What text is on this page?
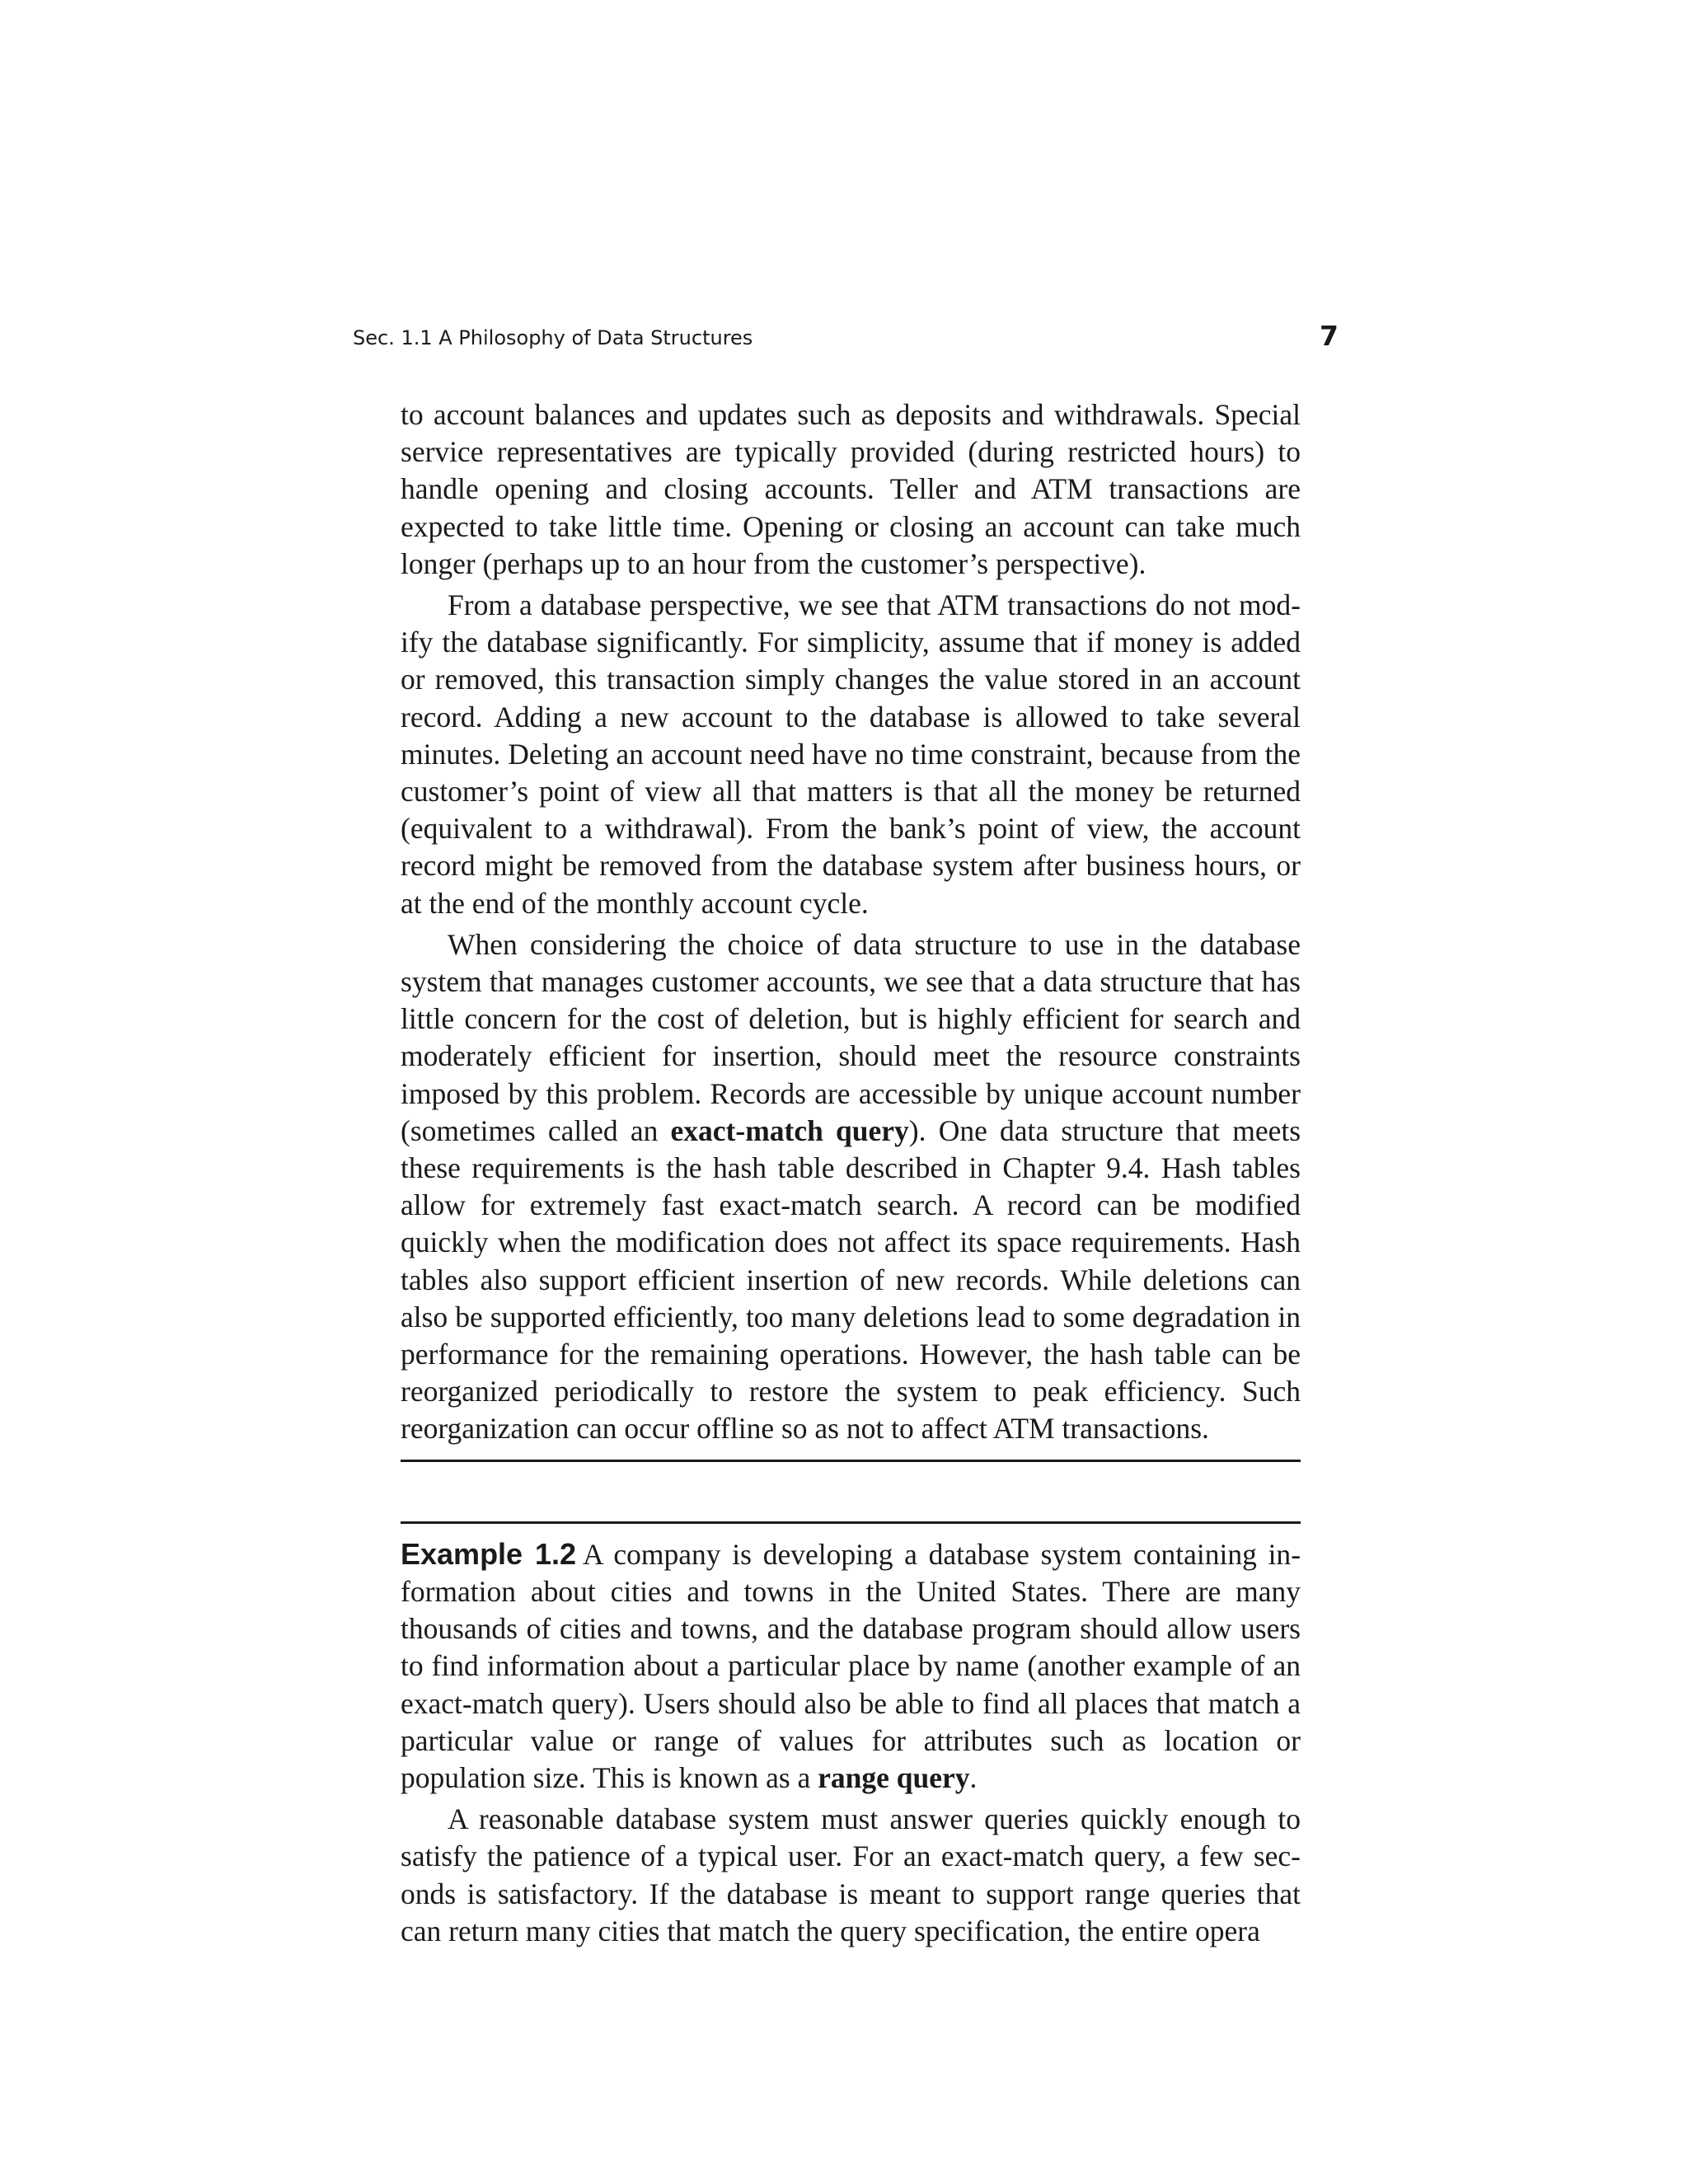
Sec. 1.1 A Philosophy of Data Structures	7

to account balances and updates such as deposits and withdrawals. Special service representatives are typically provided (during restricted hours) to handle opening and closing accounts. Teller and ATM transactions are expected to take little time. Opening or closing an account can take much longer (perhaps up to an hour from the customer’s perspective).

From a database perspective, we see that ATM transactions do not modify the database significantly. For simplicity, assume that if money is added or removed, this transaction simply changes the value stored in an account record. Adding a new account to the database is allowed to take several minutes. Deleting an account need have no time constraint, because from the customer’s point of view all that matters is that all the money be returned (equivalent to a withdrawal). From the bank’s point of view, the account record might be removed from the database system after business hours, or at the end of the monthly account cycle.

When considering the choice of data structure to use in the database system that manages customer accounts, we see that a data structure that has little concern for the cost of deletion, but is highly efficient for search and moderately efficient for insertion, should meet the resource constraints imposed by this problem. Records are accessible by unique account number (sometimes called an exact-match query). One data structure that meets these requirements is the hash table described in Chapter 9.4. Hash tables allow for extremely fast exact-match search. A record can be modified quickly when the modification does not affect its space requirements. Hash tables also support efficient insertion of new records. While deletions can also be supported efficiently, too many deletions lead to some degradation in performance for the remaining operations. However, the hash table can be reorganized periodically to restore the system to peak efficiency. Such reorganization can occur offline so as not to affect ATM transactions.

Example 1.2 A company is developing a database system containing information about cities and towns in the United States. There are many thousands of cities and towns, and the database program should allow users to find information about a particular place by name (another example of an exact-match query). Users should also be able to find all places that match a particular value or range of values for attributes such as location or population size. This is known as a range query.

A reasonable database system must answer queries quickly enough to satisfy the patience of a typical user. For an exact-match query, a few seconds is satisfactory. If the database is meant to support range queries that can return many cities that match the query specification, the entire opera
